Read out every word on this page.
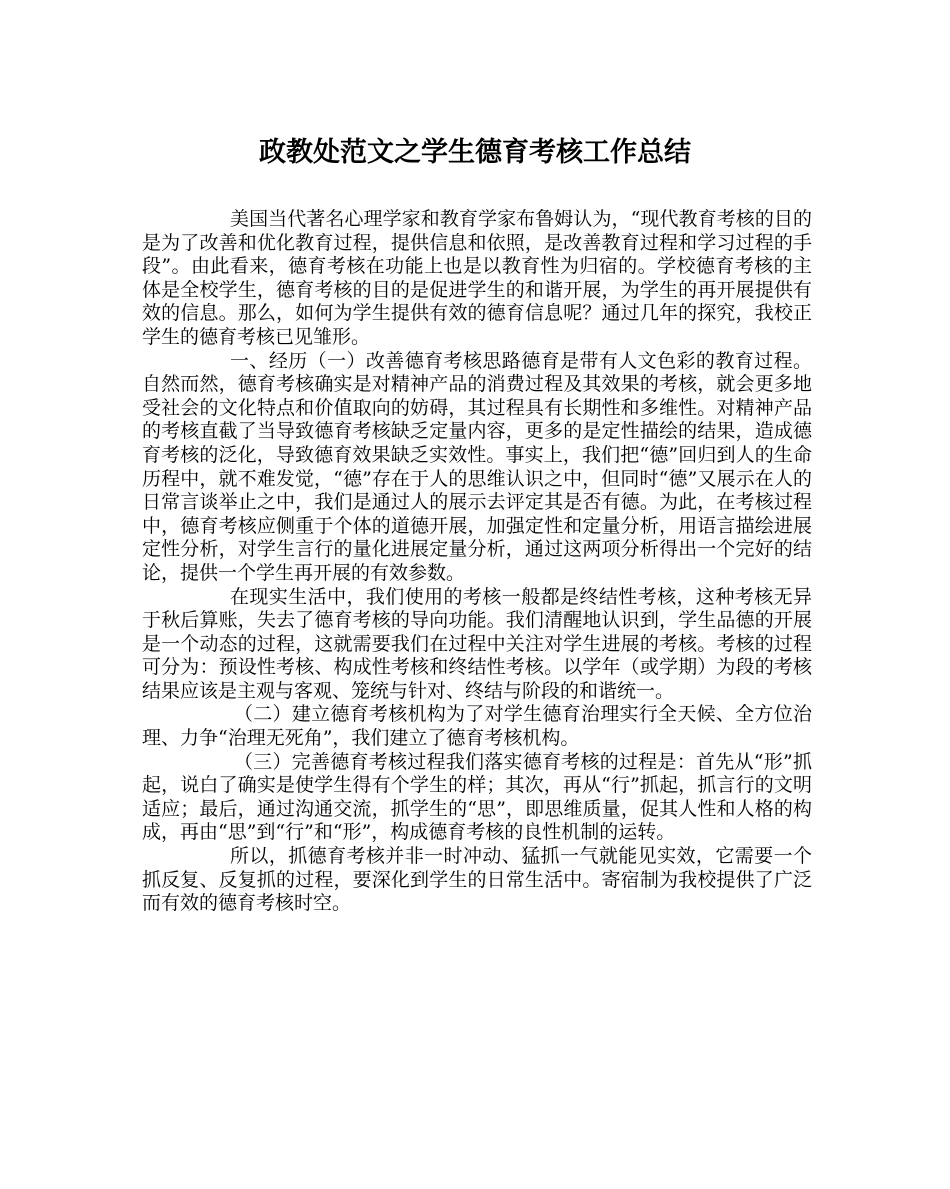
政教处范文之学生德育考核工作总结

美国当代著名心理学家和教育学家布鲁姆认为，“现代教育考核的目的是为了改善和优化教育过程，提供信息和依照，是改善教育过程和学习过程的手段”。由此看来，德育考核在功能上也是以教育性为归宿的。学校德育考核的主体是全校学生，德育考核的目的是促进学生的和谐开展，为学生的再开展提供有效的信息。那么，如何为学生提供有效的德育信息呢？通过几年的探究，我校正学生的德育考核已见雏形。

一、经历（一）改善德育考核思路德育是带有人文色彩的教育过程。自然而然，德育考核确实是对精神产品的消费过程及其效果的考核，就会更多地受社会的文化特点和价值取向的妨碍，其过程具有长期性和多维性。对精神产品的考核直截了当导致德育考核缺乏定量内容，更多的是定性描绘的结果，造成德育考核的泛化，导致德育效果缺乏实效性。事实上，我们把“德”回归到人的生命历程中，就不难发觉，“德”存在于人的思维认识之中，但同时“德”又展示在人的日常言谈举止之中，我们是通过人的展示去评定其是否有德。为此，在考核过程中，德育考核应侧重于个体的道德开展，加强定性和定量分析，用语言描绘进展定性分析，对学生言行的量化进展定量分析，通过这两项分析得出一个完好的结论，提供一个学生再开展的有效参数。

在现实生活中，我们使用的考核一般都是终结性考核，这种考核无异于秋后算账，失去了德育考核的导向功能。我们清醒地认识到，学生品德的开展是一个动态的过程，这就需要我们在过程中关注对学生进展的考核。考核的过程可分为：预设性考核、构成性考核和终结性考核。以学年（或学期）为段的考核结果应该是主观与客观、笼统与针对、终结与阶段的和谐统一。

（二）建立德育考核机构为了对学生德育治理实行全天候、全方位治理、力争“治理无死角”，我们建立了德育考核机构。

（三）完善德育考核过程我们落实德育考核的过程是：首先从“形”抓起，说白了确实是使学生得有个学生的样；其次，再从“行”抓起，抓言行的文明适应；最后，通过沟通交流，抓学生的“思”，即思维质量，促其人性和人格的构成，再由“思”到“行”和“形”，构成德育考核的良性机制的运转。

所以，抓德育考核并非一时冲动、猛抓一气就能见实效，它需要一个抓反复、反复抓的过程，要深化到学生的日常生活中。寄宿制为我校提供了广泛而有效的德育考核时空。
